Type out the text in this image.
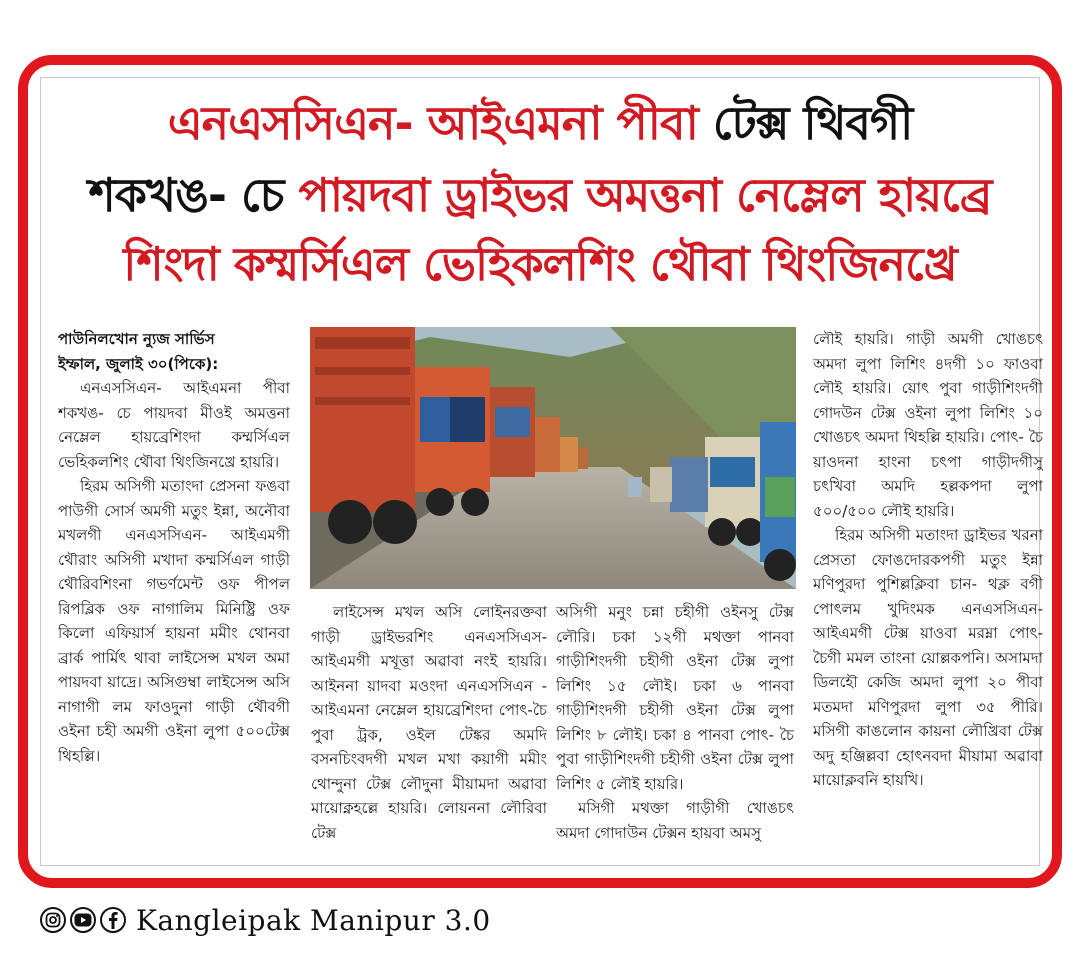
এনএসসিএন- আইএমনা পীবা টেক্স থিবগী
শকখঙ- চে পায়দবা ড্রাইভর অমত্তনা নেম্লেল হায়ব্রে
শিংদা কম্মর্সিএল ভেহিকলশিং থৌবা থিংজিনখ্রে
পাউনিলখোন ন্যুজ সার্ভিস
ইম্ফাল, জুলাই ৩০(পিকে):

এনএসসিএন- আইএমনা পীবা শকখঙ- চে পায়দবা মীওই অমত্তনা নেম্লেল হায়ব্রেশিংদা কম্মর্সিএল ভেহিকলশিং থৌবা থিংজিনখ্রে হায়রি।

হিরম অসিগী মতাংদা প্রেসনা ফঙবা পাউগী সোর্স অমগী মতুং ইন্না, অনৌবা মখলগী এনএসসিএন- আইএমগী থৌরাং অসিগী মখাদা কম্মর্সিএল গাড়ী থৌরিবশিংনা গভর্ণমেন্ট ওফ পীপল রিপব্লিক ওফ নাগালিম মিনিষ্ট্রি ওফ কিলো এফিয়ার্স হায়না মমীং থোনবা ব্রাৰ্ক পার্মিৎ থাবা লাইসেন্স মখল অমা পায়দবা য়াদ্রে। অসিগুম্বা লাইসেন্স অসি নাগাগী লম ফাওদুনা গাড়ী থৌবগী ওইনা চহী অমগী ওইনা লুপা ৫০০টেক্স থিহল্লি।

লাইসেন্স মখল অসি লোইনরক্তবা গাড়ী ড্রাইভরশিং এনএসসিএস- আইএমগী মখূত্তা অৱাবা নংই হায়রি। আইননা য়াদবা মওংদা এনএসসিএন - আইএমনা নেম্লেল হায়ব্রেশিংদা পোৎ-চৈ পুবা ট্রক, ওইল টেঙ্কর অমদি বসনচিংবদগী মখল মখা কয়াগী মমীং থোন্দুনা টেক্স লৌদুনা মীয়ামদা অৱাবা মায়োক্নহল্লে হায়রি। লোয়ননা লৌরিবা টেক্স

অসিগী মনুং চন্না চহীগী ওইনসু টেক্স লৌরি। চকা ১২গী মথক্তা পানবা গাড়ীশিংদগী চহীগী ওইনা টেক্স লুপা লিশিং ১৫ লৌই। চকা ৬ পানবা গাড়ীশিংদগী চহীগী ওইনা টেক্স লুপা লিশিং ৮ লৌই। চকা ৪ পানবা পোৎ- চৈ পুবা গাড়ীশিংদগী চহীগী ওইনা টেক্স লুপা লিশিং ৫ লৌই হায়রি।

মসিগী মথক্তা গাড়ীগী খোঙচৎ অমদা গোদাউন টেক্সন হায়বা অমসু

লৌই হায়রি। গাড়ী অমগী খোঙচৎ অমদা লুপা লিশিং ৪দগী ১০ ফাওবা লৌই হায়রি। য়োৎ পুবা গাড়ীশিংদগী গোদউন টেক্স ওইনা লুপা লিশিং ১০ খোঙচৎ অমদা থিহল্লি হায়রি। পোৎ- চৈ য়াওদনা হাংনা চৎপা গাড়ীদগীসু চৎখিবা অমদি হল্লকপদা লুপা ৫০০/৫০০ লৌই হায়রি।

হিরম অসিগী মতাংদা ড্রাইভর খরনা প্রেসতা ফোঙদোরকপগী মতুং ইন্না মণিপুরদা পুশিল্লক্লিবা চান- থক্ল বগী পোৎলম খুদিংমক এনএসসিএন- আইএমগী টেক্স য়াওবা মরম্না পোৎ- চৈগী মমল তাংনা য়োল্লকপনি। অসামদা ডিলহৌ কেজি অমদা লুপা ২০ পীবা মতমদা মণিপুরদা লুপা ৩৫ পীরি। মসিগী কাঙলোন কায়না লৌখ্রিবা টেক্স অদু হঞ্জিল্লবা হোৎনবদা মীয়ামা অৱাবা মায়োক্লবনি হায়খি।

Kangleipak Manipur 3.0
